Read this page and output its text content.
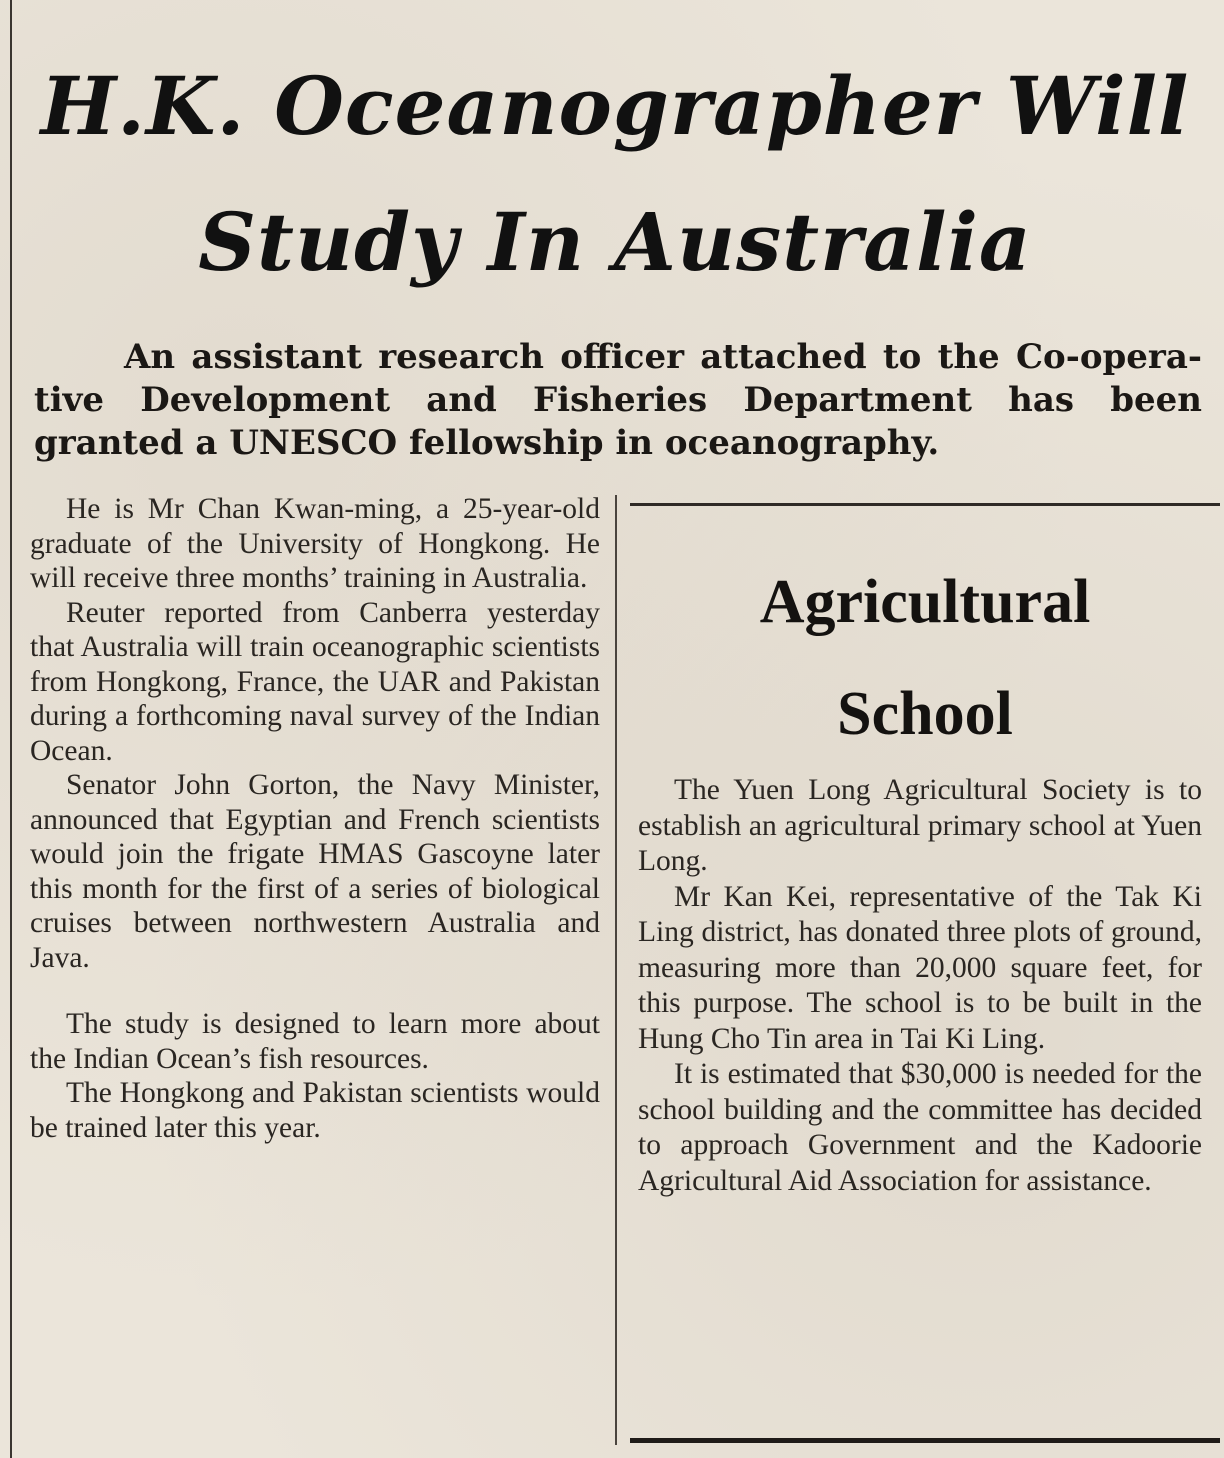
H.K. Oceanographer Will
Study In Australia

An assistant research officer attached to the Co-operative Development and Fisheries Department has been granted a UNESCO fellowship in oceanography.

He is Mr Chan Kwan-ming, a 25-year-old graduate of the University of Hongkong. He will receive three months’ training in Australia.

Reuter reported from Canberra yesterday that Australia will train oceanographic scientists from Hongkong, France, the UAR and Pakistan during a forthcoming naval survey of the Indian Ocean.

Senator John Gorton, the Navy Minister, announced that Egyptian and French scientists would join the frigate HMAS Gascoyne later this month for the first of a series of biological cruises between northwestern Australia and Java.

The study is designed to learn more about the Indian Ocean’s fish resources.

The Hongkong and Pakistan scientists would be trained later this year.

Agricultural
School

The Yuen Long Agricultural Society is to establish an agricultural primary school at Yuen Long.

Mr Kan Kei, representative of the Tak Ki Ling district, has donated three plots of ground, measuring more than 20,000 square feet, for this purpose. The school is to be built in the Hung Cho Tin area in Tai Ki Ling.

It is estimated that $30,000 is needed for the school building and the committee has decided to approach Government and the Kadoorie Agricultural Aid Association for assistance.
